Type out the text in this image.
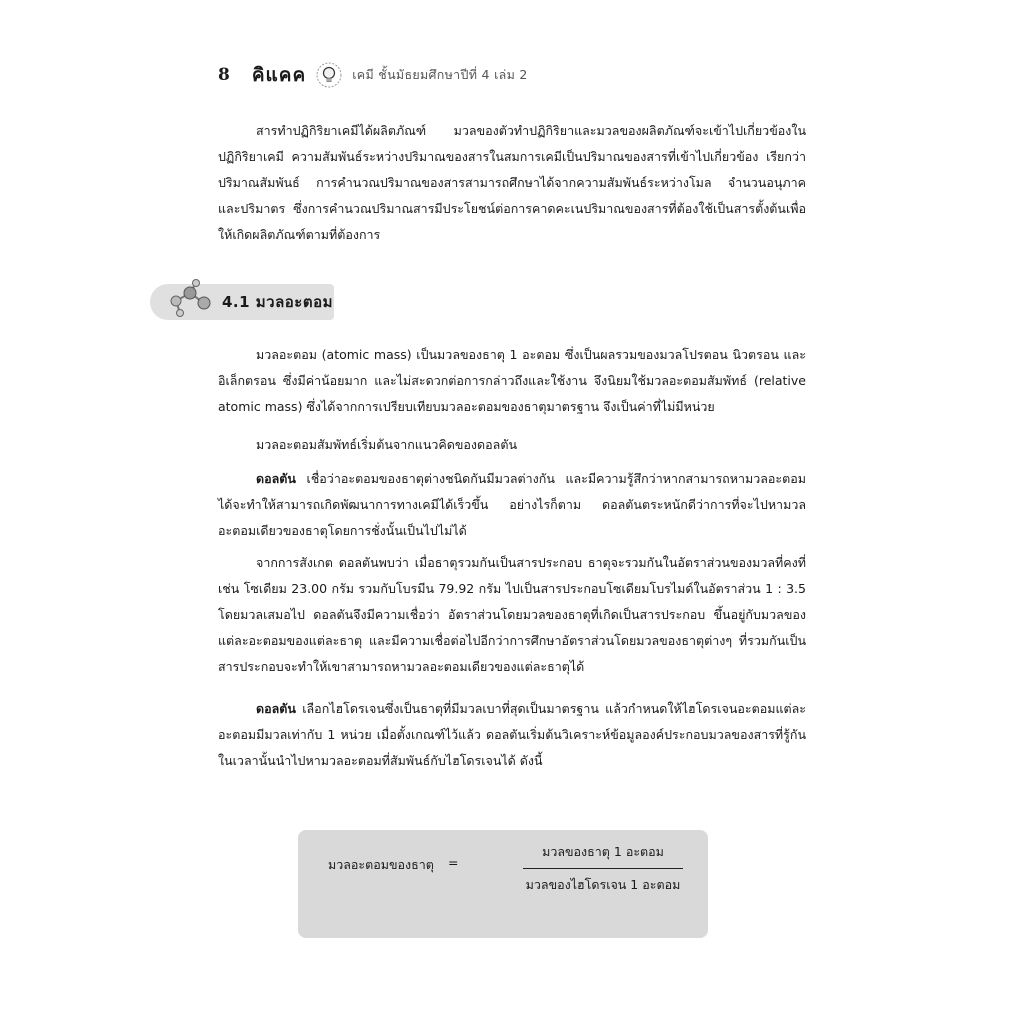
8 คิแคค	เคมี ชั้นมัธยมศึกษาปีที่ 4 เล่ม 2

สารทำปฏิกิริยาเคมีได้ผลิตภัณฑ์ มวลของตัวทำปฏิกิริยาและมวลของผลิตภัณฑ์จะเข้าไปเกี่ยวข้องในปฏิกิริยาเคมี ความสัมพันธ์ระหว่างปริมาณของสารในสมการเคมีเป็นปริมาณของสารที่เข้าไปเกี่ยวข้อง เรียกว่า ปริมาณสัมพันธ์ การคำนวณปริมาณของสารสามารถศึกษาได้จากความสัมพันธ์ระหว่างโมล จำนวนอนุภาค และปริมาตร ซึ่งการคำนวณปริมาณสารมีประโยชน์ต่อการคาดคะเนปริมาณของสารที่ต้องใช้เป็นสารตั้งต้นเพื่อให้เกิดผลิตภัณฑ์ตามที่ต้องการ

4.1 มวลอะตอม

มวลอะตอม (atomic mass) เป็นมวลของธาตุ 1 อะตอม ซึ่งเป็นผลรวมของมวลโปรตอน นิวตรอน และอิเล็กตรอน ซึ่งมีค่าน้อยมาก และไม่สะดวกต่อการกล่าวถึงและใช้งาน จึงนิยมใช้มวลอะตอมสัมพัทธ์ (relative atomic mass) ซึ่งได้จากการเปรียบเทียบมวลอะตอมของธาตุมาตรฐาน จึงเป็นค่าที่ไม่มีหน่วย

มวลอะตอมสัมพัทธ์เริ่มต้นจากแนวคิดของดอลตัน

ดอลตัน เชื่อว่าอะตอมของธาตุต่างชนิดกันมีมวลต่างกัน และมีความรู้สึกว่าหากสามารถหามวลอะตอมได้จะทำให้สามารถเกิดพัฒนาการทางเคมีได้เร็วขึ้น อย่างไรก็ตาม ดอลตันตระหนักดีว่าการที่จะไปหามวลอะตอมเดียวของธาตุโดยการชั่งนั้นเป็นไปไม่ได้

จากการสังเกต ดอลตันพบว่า เมื่อธาตุรวมกันเป็นสารประกอบ ธาตุจะรวมกันในอัตราส่วนของมวลที่คงที่ เช่น โซเดียม 23.00 กรัม รวมกับโบรมีน 79.92 กรัม ไปเป็นสารประกอบโซเดียมโบรไมด์ในอัตราส่วน 1 : 3.5 โดยมวลเสมอไป ดอลตันจึงมีความเชื่อว่า อัตราส่วนโดยมวลของธาตุที่เกิดเป็นสารประกอบ ขึ้นอยู่กับมวลของแต่ละอะตอมของแต่ละธาตุ และมีความเชื่อต่อไปอีกว่าการศึกษาอัตราส่วนโดยมวลของธาตุต่างๆ ที่รวมกันเป็นสารประกอบจะทำให้เขาสามารถหามวลอะตอมเดียวของแต่ละธาตุได้

ดอลตัน เลือกไฮโดรเจนซึ่งเป็นธาตุที่มีมวลเบาที่สุดเป็นมาตรฐาน แล้วกำหนดให้ไฮโดรเจนอะตอมแต่ละอะตอมมีมวลเท่ากับ 1 หน่วย เมื่อตั้งเกณฑ์ไว้แล้ว ดอลตันเริ่มต้นวิเคราะห์ข้อมูลองค์ประกอบมวลของสารที่รู้กันในเวลานั้นนำไปหามวลอะตอมที่สัมพันธ์กับไฮโดรเจนได้ ดังนี้

มวลอะตอมของธาตุ =
มวลของธาตุ 1 อะตอม
มวลของไฮโดรเจน 1 อะตอม
